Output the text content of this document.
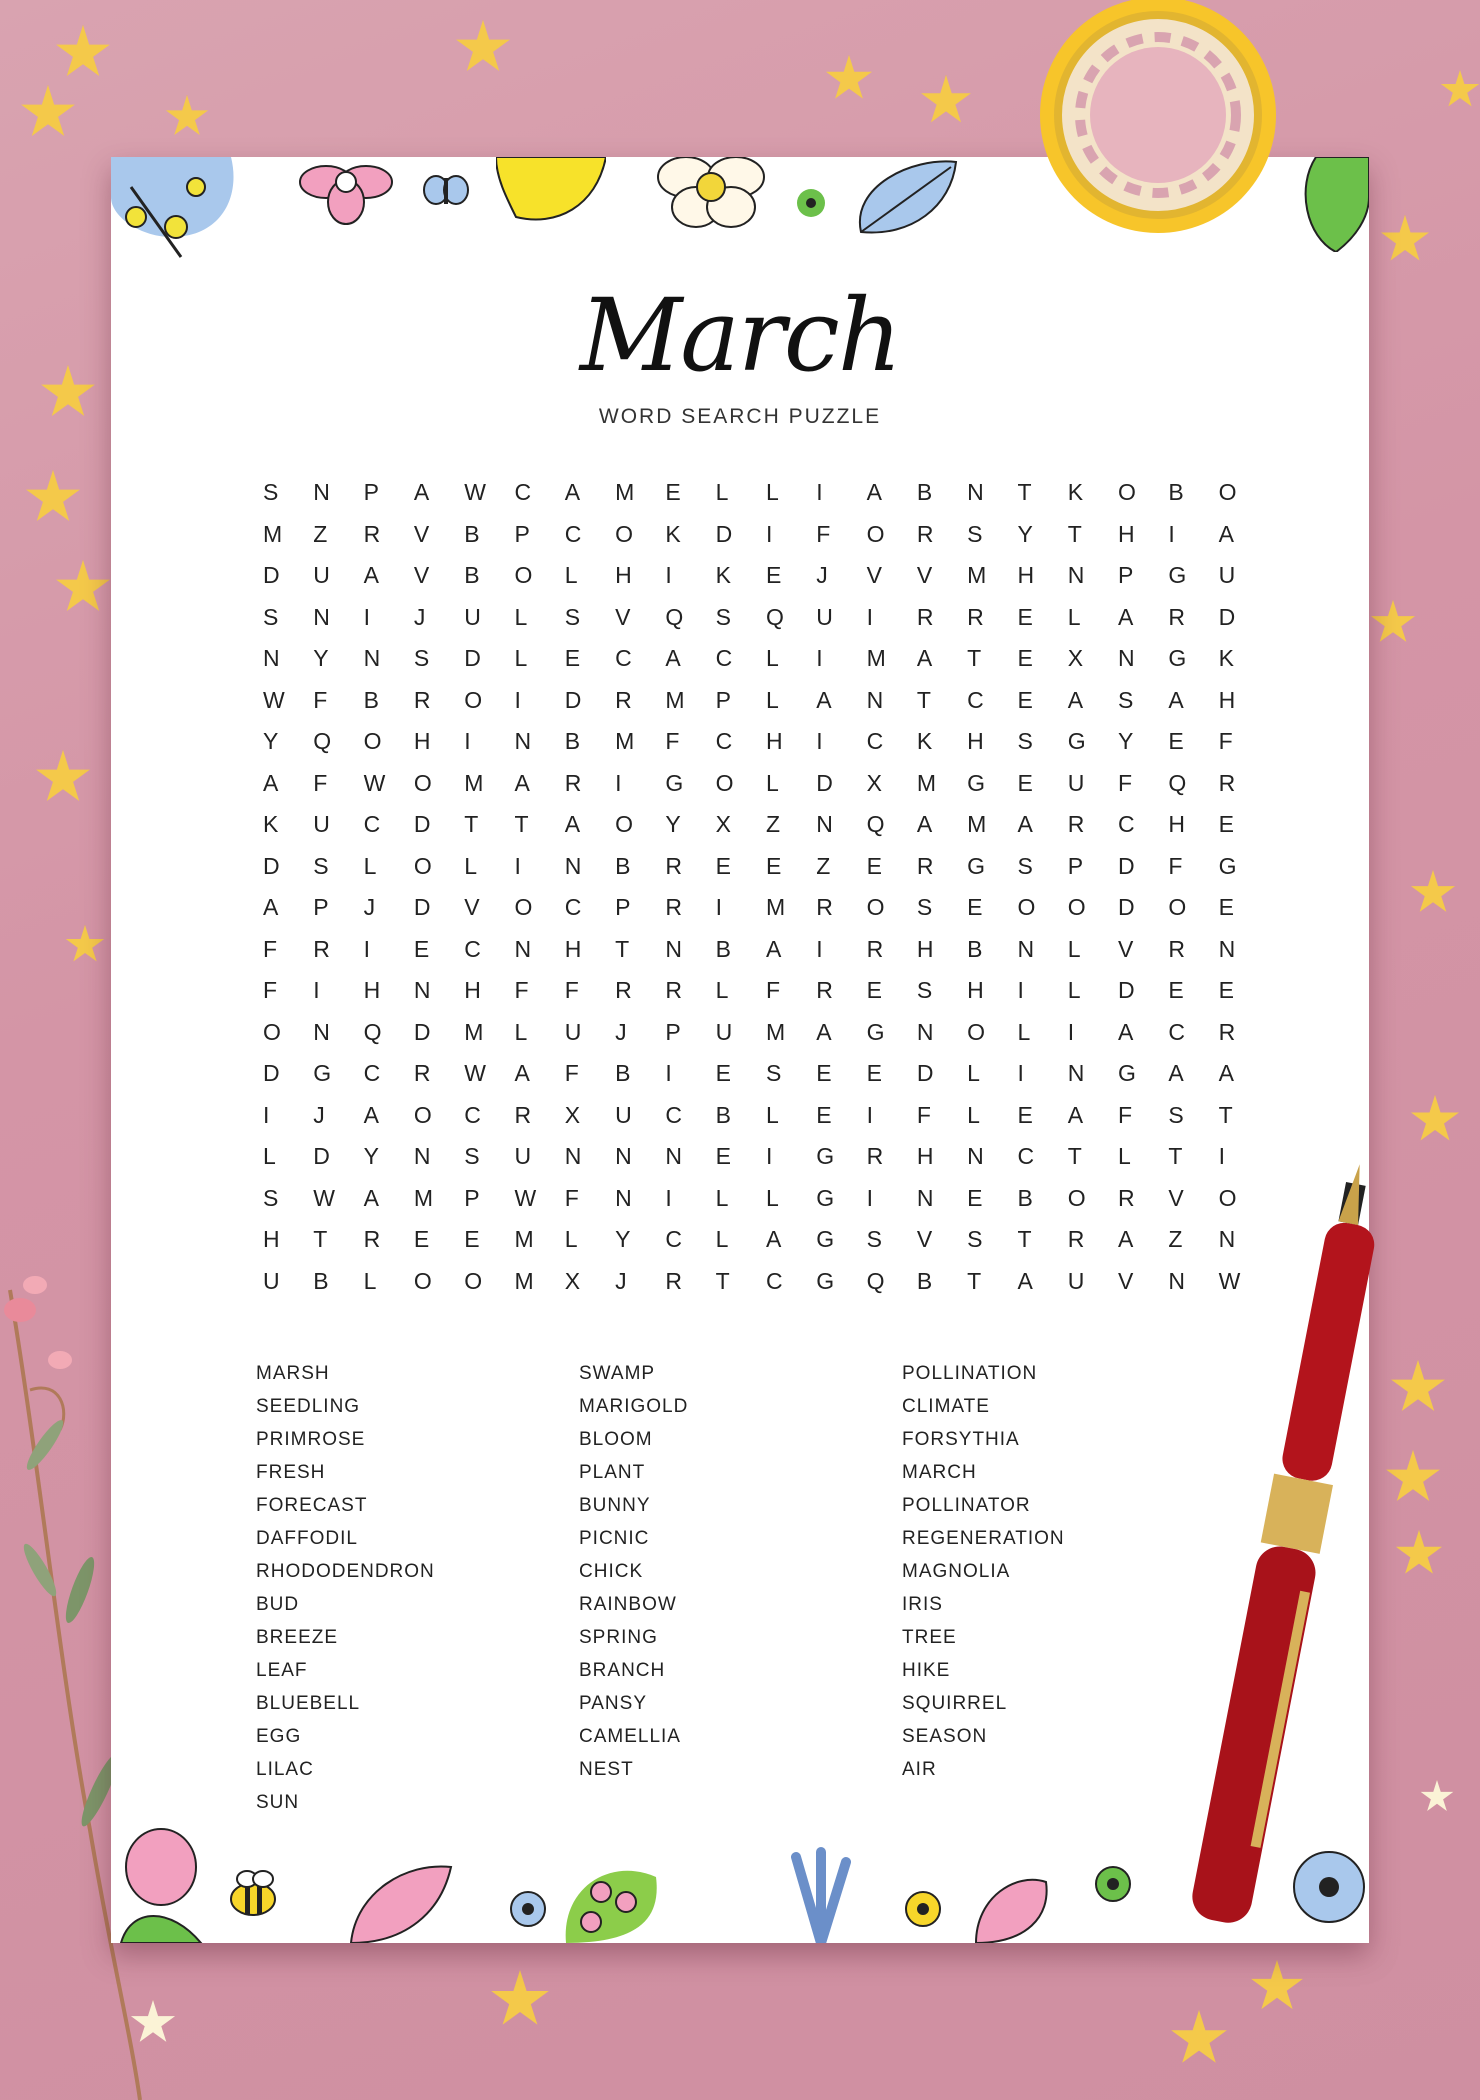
March
WORD SEARCH PUZZLE
S	N	P	A	W	C	A	M	E	L	L	I	A	B	N	T	K	O	B	O
M	Z	R	V	B	P	C	O	K	D	I	F	O	R	S	Y	T	H	I	A
D	U	A	V	B	O	L	H	I	K	E	J	V	V	M	H	N	P	G	U
S	N	I	J	U	L	S	V	Q	S	Q	U	I	R	R	E	L	A	R	D
N	Y	N	S	D	L	E	C	A	C	L	I	M	A	T	E	X	N	G	K
W	F	B	R	O	I	D	R	M	P	L	A	N	T	C	E	A	S	A	H
Y	Q	O	H	I	N	B	M	F	C	H	I	C	K	H	S	G	Y	E	F
A	F	W	O	M	A	R	I	G	O	L	D	X	M	G	E	U	F	Q	R
K	U	C	D	T	T	A	O	Y	X	Z	N	Q	A	M	A	R	C	H	E
D	S	L	O	L	I	N	B	R	E	E	Z	E	R	G	S	P	D	F	G
A	P	J	D	V	O	C	P	R	I	M	R	O	S	E	O	O	D	O	E
F	R	I	E	C	N	H	T	N	B	A	I	R	H	B	N	L	V	R	N
F	I	H	N	H	F	F	R	R	L	F	R	E	S	H	I	L	D	E	E
O	N	Q	D	M	L	U	J	P	U	M	A	G	N	O	L	I	A	C	R
D	G	C	R	W	A	F	B	I	E	S	E	E	D	L	I	N	G	A	A
I	J	A	O	C	R	X	U	C	B	L	E	I	F	L	E	A	F	S	T
L	D	Y	N	S	U	N	N	N	E	I	G	R	H	N	C	T	L	T	I
S	W	A	M	P	W	F	N	I	L	L	G	I	N	E	B	O	R	V	O
H	T	R	E	E	M	L	Y	C	L	A	G	S	V	S	T	R	A	Z	N
U	B	L	O	O	M	X	J	R	T	C	G	Q	B	T	A	U	V	N	W
MARSH
SEEDLING
PRIMROSE
FRESH
FORECAST
DAFFODIL
RHODODENDRON
BUD
BREEZE
LEAF
BLUEBELL
EGG
LILAC
SUN
SWAMP
MARIGOLD
BLOOM
PLANT
BUNNY
PICNIC
CHICK
RAINBOW
SPRING
BRANCH
PANSY
CAMELLIA
NEST
POLLINATION
CLIMATE
FORSYTHIA
MARCH
POLLINATOR
REGENERATION
MAGNOLIA
IRIS
TREE
HIKE
SQUIRREL
SEASON
AIR
